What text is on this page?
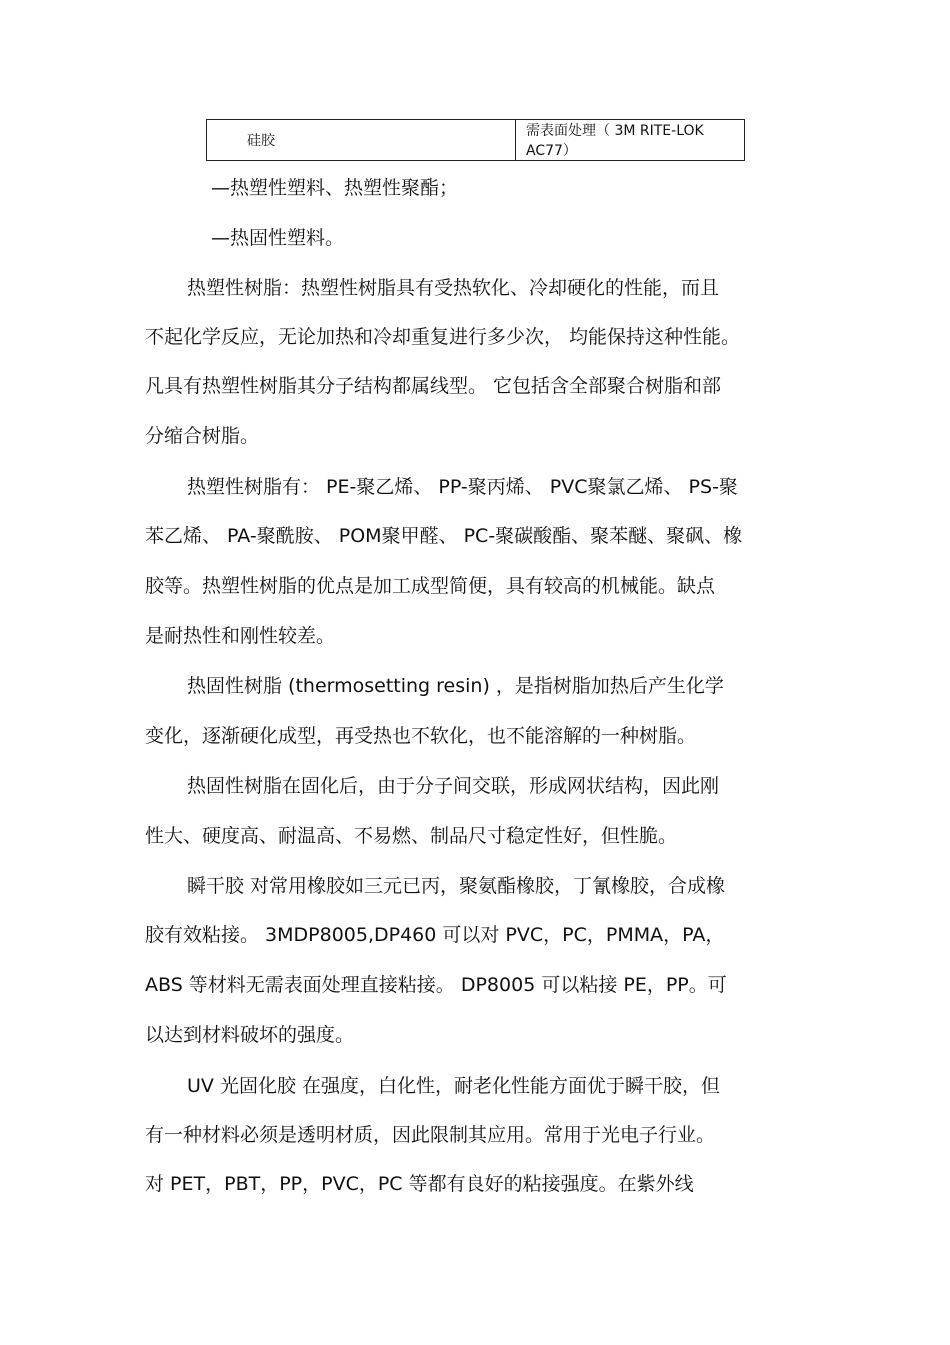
硅胶	需表面处理（ 3M RITE-LOK AC77）
—热塑性塑料、热塑性聚酯；
—热固性塑料。
热塑性树脂：热塑性树脂具有受热软化、冷却硬化的性能，而且
不起化学反应，无论加热和冷却重复进行多少次， 均能保持这种性能。
凡具有热塑性树脂其分子结构都属线型。 它包括含全部聚合树脂和部
分缩合树脂。
热塑性树脂有： PE-聚乙烯、 PP-聚丙烯、 PVC聚氯乙烯、 PS-聚
苯乙烯、 PA-聚酰胺、 POM聚甲醛、 PC-聚碳酸酯、聚苯醚、聚砜、橡
胶等。热塑性树脂的优点是加工成型简便，具有较高的机械能。缺点
是耐热性和刚性较差。
热固性树脂 (thermosetting resin) ，是指树脂加热后产生化学
变化，逐渐硬化成型，再受热也不软化，也不能溶解的一种树脂。
热固性树脂在固化后，由于分子间交联，形成网状结构，因此刚
性大、硬度高、耐温高、不易燃、制品尺寸稳定性好，但性脆。
瞬干胶 对常用橡胶如三元已丙，聚氨酯橡胶，丁氰橡胶，合成橡
胶有效粘接。 3MDP8005,DP460 可以对 PVC，PC，PMMA，PA，
ABS 等材料无需表面处理直接粘接。 DP8005 可以粘接 PE，PP。可
以达到材料破坏的强度。
UV 光固化胶 在强度，白化性，耐老化性能方面优于瞬干胶，但
有一种材料必须是透明材质，因此限制其应用。常用于光电子行业。
对 PET，PBT，PP，PVC，PC 等都有良好的粘接强度。在紫外线
